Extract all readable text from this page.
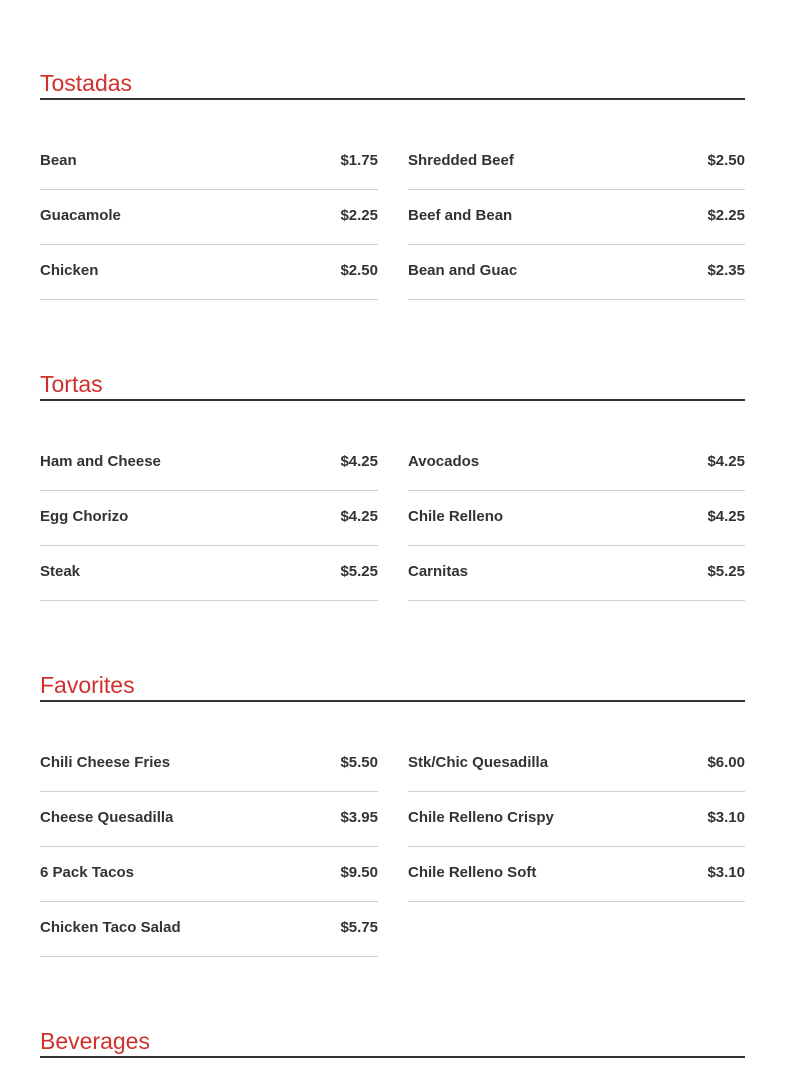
Tostadas
Bean	$1.75
Guacamole	$2.25
Chicken	$2.50
Shredded Beef	$2.50
Beef and Bean	$2.25
Bean and Guac	$2.35
Tortas
Ham and Cheese	$4.25
Egg Chorizo	$4.25
Steak	$5.25
Avocados	$4.25
Chile Relleno	$4.25
Carnitas	$5.25
Favorites
Chili Cheese Fries	$5.50
Cheese Quesadilla	$3.95
6 Pack Tacos	$9.50
Chicken Taco Salad	$5.75
Stk/Chic Quesadilla	$6.00
Chile Relleno Crispy	$3.10
Chile Relleno Soft	$3.10
Beverages
